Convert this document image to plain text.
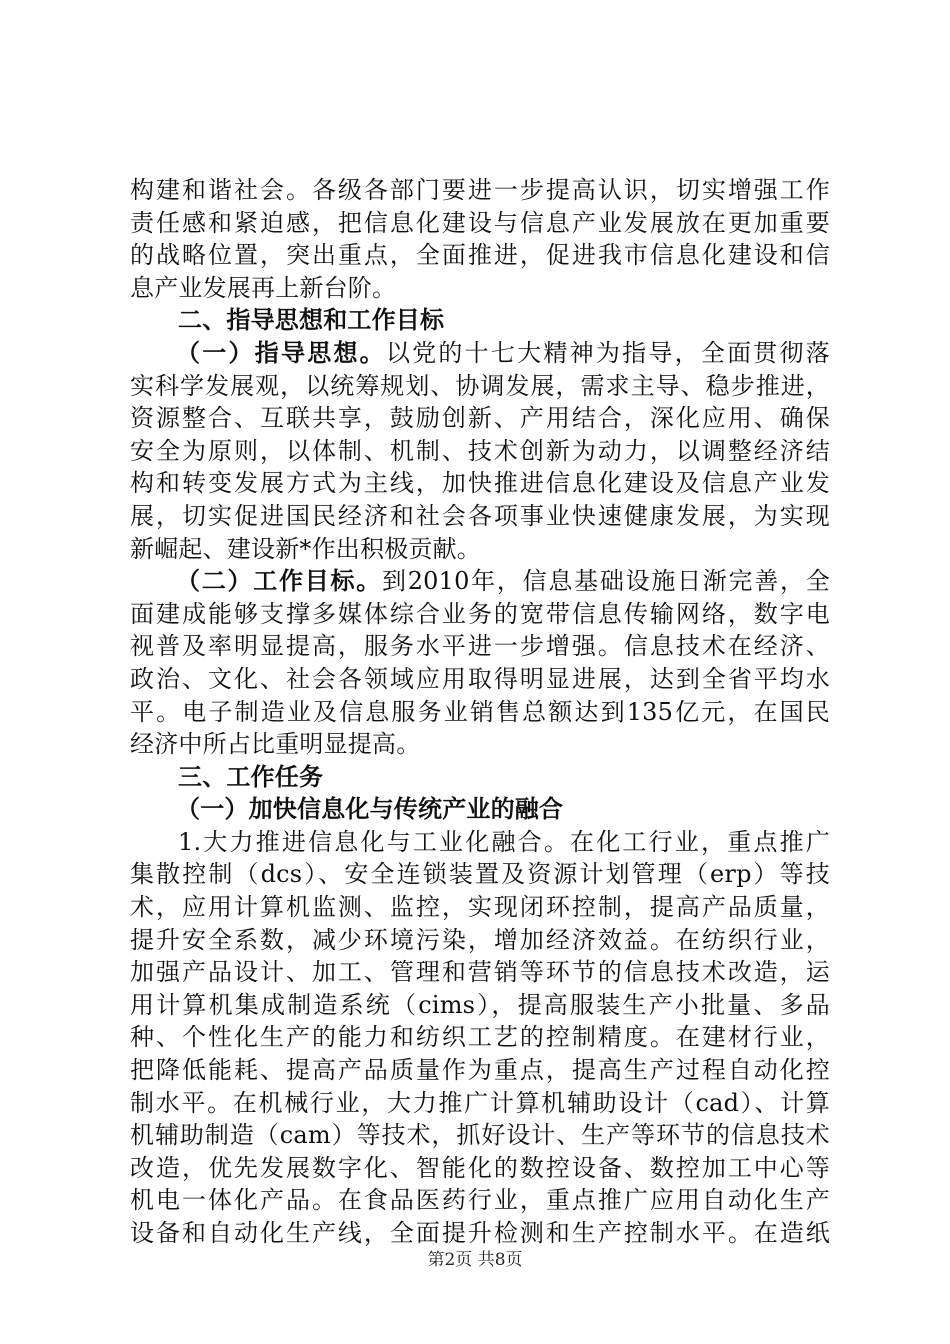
构建和谐社会。各级各部门要进一步提高认识，切实增强工作
责任感和紧迫感，把信息化建设与信息产业发展放在更加重要
的战略位置，突出重点，全面推进，促进我市信息化建设和信
息产业发展再上新台阶。
二、指导思想和工作目标
（一）指导思想。以党的十七大精神为指导，全面贯彻落
实科学发展观，以统筹规划、协调发展，需求主导、稳步推进，
资源整合、互联共享，鼓励创新、产用结合，深化应用、确保
安全为原则，以体制、机制、技术创新为动力，以调整经济结
构和转变发展方式为主线，加快推进信息化建设及信息产业发
展，切实促进国民经济和社会各项事业快速健康发展，为实现
新崛起、建设新*作出积极贡献。
（二）工作目标。到2010年，信息基础设施日渐完善，全
面建成能够支撑多媒体综合业务的宽带信息传输网络，数字电
视普及率明显提高，服务水平进一步增强。信息技术在经济、
政治、文化、社会各领域应用取得明显进展，达到全省平均水
平。电子制造业及信息服务业销售总额达到135亿元，在国民
经济中所占比重明显提高。
三、工作任务
（一）加快信息化与传统产业的融合
1.大力推进信息化与工业化融合。在化工行业，重点推广
集散控制（dcs）、安全连锁装置及资源计划管理（erp）等技
术，应用计算机监测、监控，实现闭环控制，提高产品质量，
提升安全系数，减少环境污染，增加经济效益。在纺织行业，
加强产品设计、加工、管理和营销等环节的信息技术改造，运
用计算机集成制造系统（cims），提高服装生产小批量、多品
种、个性化生产的能力和纺织工艺的控制精度。在建材行业，
把降低能耗、提高产品质量作为重点，提高生产过程自动化控
制水平。在机械行业，大力推广计算机辅助设计（cad）、计算
机辅助制造（cam）等技术，抓好设计、生产等环节的信息技术
改造，优先发展数字化、智能化的数控设备、数控加工中心等
机电一体化产品。在食品医药行业，重点推广应用自动化生产
设备和自动化生产线，全面提升检测和生产控制水平。在造纸
第2页 共8页
